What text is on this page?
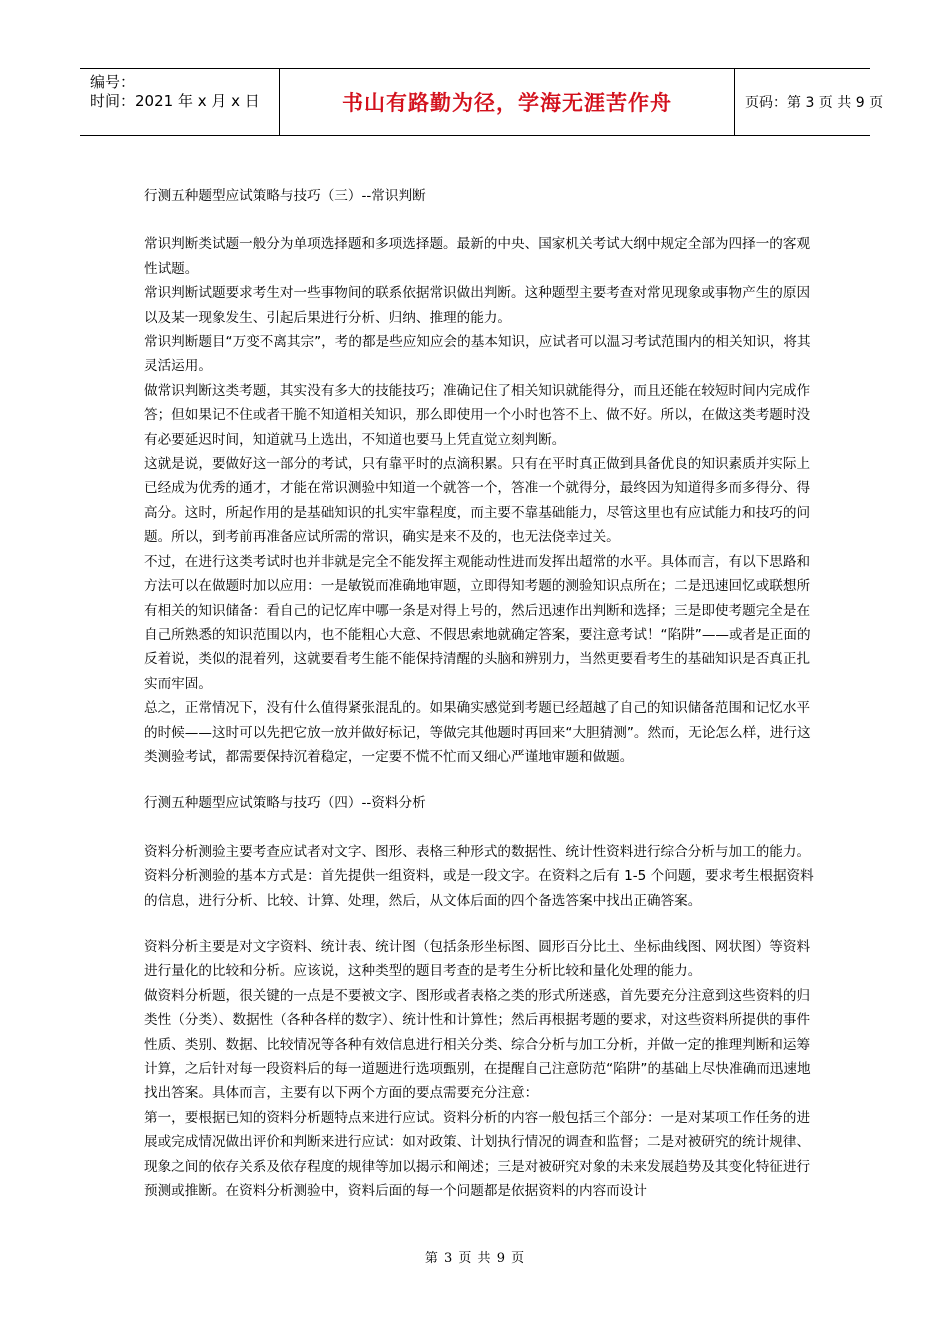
编号：
时间：2021 年 x 月 x 日	书山有路勤为径，学海无涯苦作舟	页码：第 3 页 共 9 页

行测五种题型应试策略与技巧（三）--常识判断

常识判断类试题一般分为单项选择题和多项选择题。最新的中央、国家机关考试大纲中规定全部为四择一的客观性试题。

常识判断试题要求考生对一些事物间的联系依据常识做出判断。这种题型主要考查对常见现象或事物产生的原因以及某一现象发生、引起后果进行分析、归纳、推理的能力。

常识判断题目“万变不离其宗”，考的都是些应知应会的基本知识，应试者可以温习考试范围内的相关知识，将其灵活运用。

做常识判断这类考题，其实没有多大的技能技巧；准确记住了相关知识就能得分，而且还能在较短时间内完成作答；但如果记不住或者干脆不知道相关知识，那么即使用一个小时也答不上、做不好。所以，在做这类考题时没有必要延迟时间，知道就马上选出，不知道也要马上凭直觉立刻判断。

这就是说，要做好这一部分的考试，只有靠平时的点滴积累。只有在平时真正做到具备优良的知识素质并实际上已经成为优秀的通才，才能在常识测验中知道一个就答一个，答准一个就得分，最终因为知道得多而多得分、得高分。这时，所起作用的是基础知识的扎实牢靠程度，而主要不靠基础能力，尽管这里也有应试能力和技巧的问题。所以，到考前再准备应试所需的常识，确实是来不及的，也无法侥幸过关。

不过，在进行这类考试时也并非就是完全不能发挥主观能动性进而发挥出超常的水平。具体而言，有以下思路和方法可以在做题时加以应用：一是敏锐而准确地审题，立即得知考题的测验知识点所在；二是迅速回忆或联想所有相关的知识储备：看自己的记忆库中哪一条是对得上号的，然后迅速作出判断和选择；三是即使考题完全是在自己所熟悉的知识范围以内，也不能粗心大意、不假思索地就确定答案，要注意考试！“陷阱”——或者是正面的反着说，类似的混着列，这就要看考生能不能保持清醒的头脑和辨别力，当然更要看考生的基础知识是否真正扎实而牢固。

总之，正常情况下，没有什么值得紧张混乱的。如果确实感觉到考题已经超越了自己的知识储备范围和记忆水平的时候——这时可以先把它放一放并做好标记，等做完其他题时再回来“大胆猜测”。然而，无论怎么样，进行这类测验考试，都需要保持沉着稳定，一定要不慌不忙而又细心严谨地审题和做题。

行测五种题型应试策略与技巧（四）--资料分析

资料分析测验主要考查应试者对文字、图形、表格三种形式的数据性、统计性资料进行综合分析与加工的能力。资料分析测验的基本方式是：首先提供一组资料，或是一段文字。在资料之后有 1-5 个问题，要求考生根据资料的信息，进行分析、比较、计算、处理，然后，从文体后面的四个备选答案中找出正确答案。

资料分析主要是对文字资料、统计表、统计图（包括条形坐标图、圆形百分比土、坐标曲线图、网状图）等资料进行量化的比较和分析。应该说，这种类型的题目考查的是考生分析比较和量化处理的能力。

做资料分析题，很关键的一点是不要被文字、图形或者表格之类的形式所迷惑，首先要充分注意到这些资料的归类性（分类）、数据性（各种各样的数字）、统计性和计算性；然后再根据考题的要求，对这些资料所提供的事件性质、类别、数据、比较情况等各种有效信息进行相关分类、综合分析与加工分析，并做一定的推理判断和运筹计算，之后针对每一段资料后的每一道题进行选项甄别，在提醒自己注意防范“陷阱”的基础上尽快准确而迅速地找出答案。具体而言，主要有以下两个方面的要点需要充分注意：

第一，要根据已知的资料分析题特点来进行应试。资料分析的内容一般包括三个部分：一是对某项工作任务的进展或完成情况做出评价和判断来进行应试：如对政策、计划执行情况的调查和监督；二是对被研究的统计规律、现象之间的依存关系及依存程度的规律等加以揭示和阐述；三是对被研究对象的未来发展趋势及其变化特征进行预测或推断。在资料分析测验中，资料后面的每一个问题都是依据资料的内容而设计

第 3 页 共 9 页
